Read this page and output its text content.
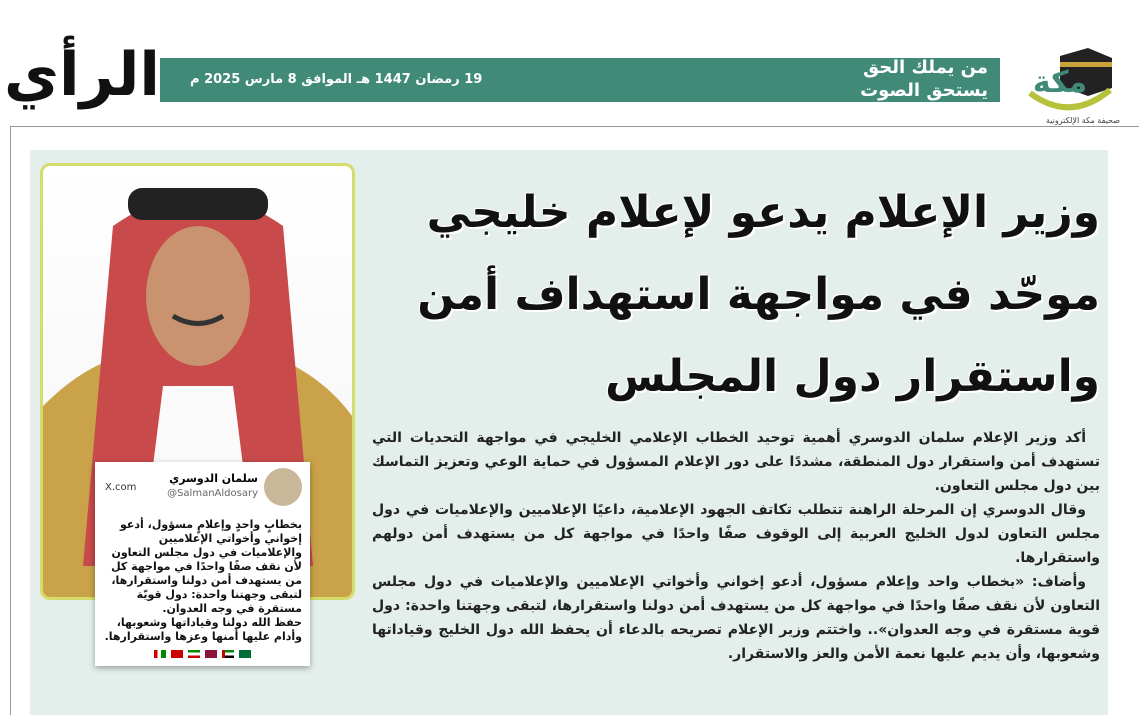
الرأي 19 رمضان 1447 هـ الموافق 8 مارس 2025 م
من يملك الحق
يستحق الصوت مكة
صحيفة مكة الإلكترونية
سلمان الدوسري
@SalmanAldosary
X.com
بخطابٍ واحدٍ وإعلامٍ مسؤول، أدعو إخواني وأخواتي الإعلاميين والإعلاميات في دول مجلس التعاون لأن نقف صفًا واحدًا في مواجهة كل من يستهدف أمن دولنا واستقرارها، لتبقى وجهتنا واحدة: دول قويّة مستقرة في وجه العدوان.
حفظ الله دولنا وقياداتها وشعوبها، وأدام عليها أمنها وعزها واستقرارها.
وزير الإعلام يدعو لإعلام خليجي
موحّد في مواجهة استهداف أمن
واستقرار دول المجلس

أكد وزير الإعلام سلمان الدوسري أهمية توحيد الخطاب الإعلامي الخليجي في مواجهة التحديات التي تستهدف أمن واستقرار دول المنطقة، مشددًا على دور الإعلام المسؤول في حماية الوعي وتعزيز التماسك بين دول مجلس التعاون.

وقال الدوسري إن المرحلة الراهنة تتطلب تكاتف الجهود الإعلامية، داعيًا الإعلاميين والإعلاميات في دول مجلس التعاون لدول الخليج العربية إلى الوقوف صفًا واحدًا في مواجهة كل من يستهدف أمن دولهم واستقرارها.

وأضاف: «بخطاب واحد وإعلام مسؤول، أدعو إخواني وأخواتي الإعلاميين والإعلاميات في دول مجلس التعاون لأن نقف صفًا واحدًا في مواجهة كل من يستهدف أمن دولنا واستقرارها، لتبقى وجهتنا واحدة: دول قوية مستقرة في وجه العدوان».. واختتم وزير الإعلام تصريحه بالدعاء أن يحفظ الله دول الخليج وقياداتها وشعوبها، وأن يديم عليها نعمة الأمن والعز والاستقرار.
